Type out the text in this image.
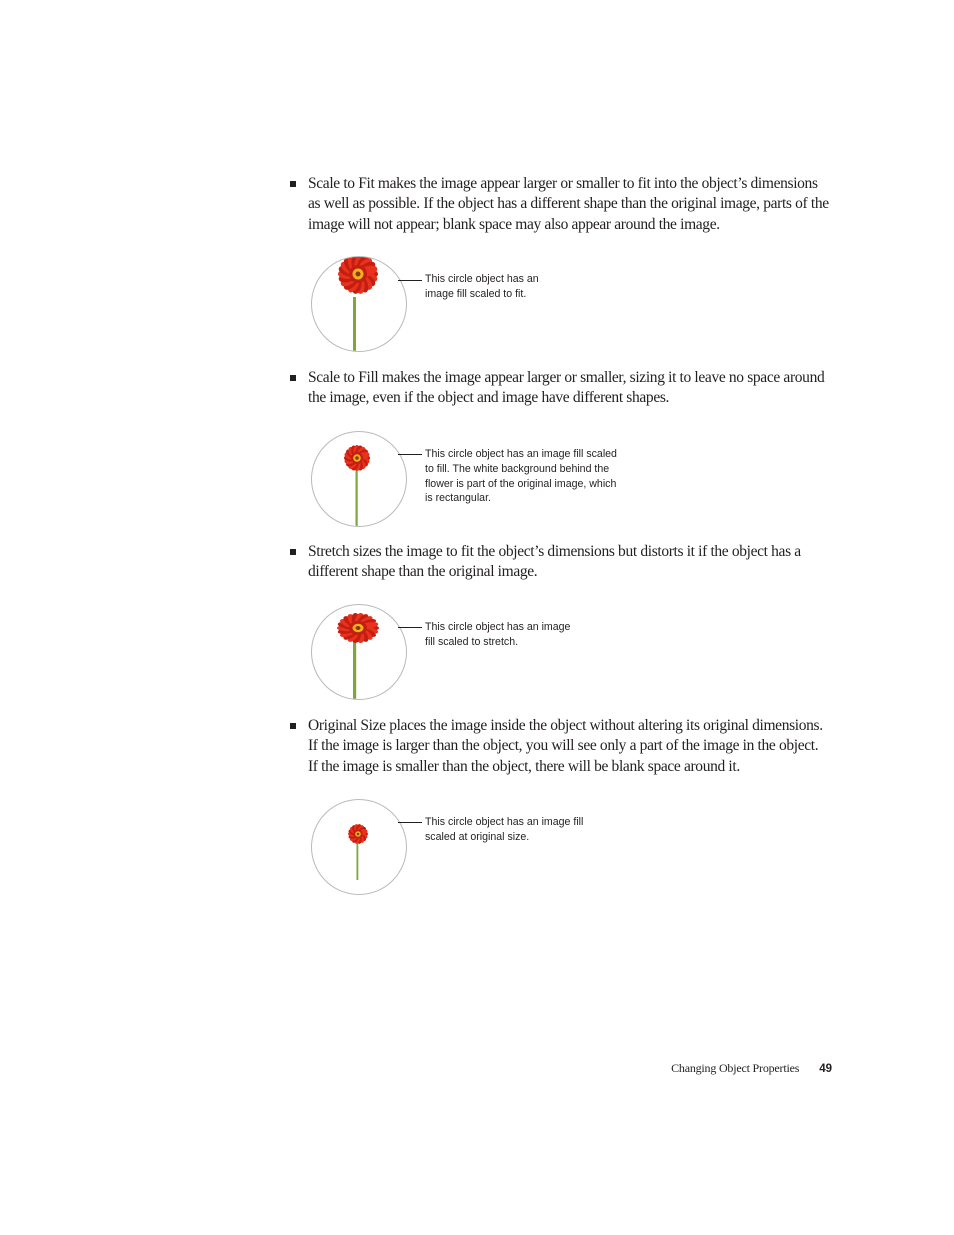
Scale to Fit makes the image appear larger or smaller to fit into the object’s dimensions as well as possible. If the object has a different shape than the original image, parts of the image will not appear; blank space may also appear around the image.
This circle object has an image fill scaled to fit.
Scale to Fill makes the image appear larger or smaller, sizing it to leave no space around the image, even if the object and image have different shapes.
This circle object has an image fill scaled to fill. The white background behind the flower is part of the original image, which is rectangular.
Stretch sizes the image to fit the object’s dimensions but distorts it if the object has a different shape than the original image.
This circle object has an image fill scaled to stretch.
Original Size places the image inside the object without altering its original dimensions. If the image is larger than the object, you will see only a part of the image in the object. If the image is smaller than the object, there will be blank space around it.
This circle object has an image fill scaled at original size.
Changing Object Properties 49
